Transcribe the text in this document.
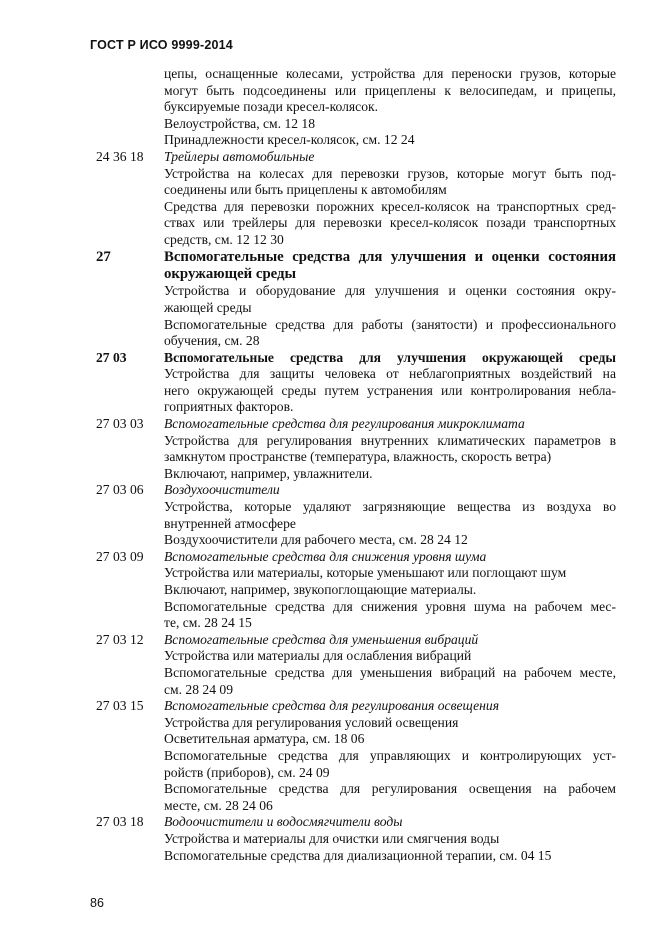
ГОСТ Р ИСО 9999-2014
цепы, оснащенные колесами, устройства для переноски грузов, которые
могут быть подсоединены или прицеплены к велосипедам, и прицепы,
буксируемые позади кресел-колясок.
Велоустройства, см. 12 18
Принадлежности кресел-колясок, см. 12 24
24 36 18 Трейлеры автомобильные
Устройства на колесах для перевозки грузов, которые могут быть под-
соединены или быть прицеплены к автомобилям
Средства для перевозки порожних кресел-колясок на транспортных сред-
ствах или трейлеры для перевозки кресел-колясок позади транспортных
средств, см. 12 12 30
27	Вспомогательные средства для улучшения и оценки состояния
окружающей среды
Устройства и оборудование для улучшения и оценки состояния окру-
жающей среды
Вспомогательные средства для работы (занятости) и профессионального
обучения, см. 28
27 03	Вспомогательные средства для улучшения окружающей среды
Устройства для защиты человека от неблагоприятных воздействий на
него окружающей среды путем устранения или контролирования небла-
гоприятных факторов.
27 03 03 Вспомогательные средства для регулирования микроклимата
Устройства для регулирования внутренних климатических параметров в
замкнутом пространстве (температура, влажность, скорость ветра)
Включают, например, увлажнители.
27 03 06 Воздухоочистители
Устройства, которые удаляют загрязняющие вещества из воздуха во
внутренней атмосфере
Воздухоочистители для рабочего места, см. 28 24 12
27 03 09 Вспомогательные средства для снижения уровня шума
Устройства или материалы, которые уменьшают или поглощают шум
Включают, например, звукопоглощающие материалы.
Вспомогательные средства для снижения уровня шума на рабочем мес-
те, см. 28 24 15
27 03 12 Вспомогательные средства для уменьшения вибраций
Устройства или материалы для ослабления вибраций
Вспомогательные средства для уменьшения вибраций на рабочем месте,
см. 28 24 09
27 03 15 Вспомогательные средства для регулирования освещения
Устройства для регулирования условий освещения
Осветительная арматура, см. 18 06
Вспомогательные средства для управляющих и контролирующих уст-
ройств (приборов), см. 24 09
Вспомогательные средства для регулирования освещения на рабочем
месте, см. 28 24 06
27 03 18 Водоочистители и водосмягчители воды
Устройства и материалы для очистки или смягчения воды
Вспомогательные средства для диализационной терапии, см. 04 15
86
